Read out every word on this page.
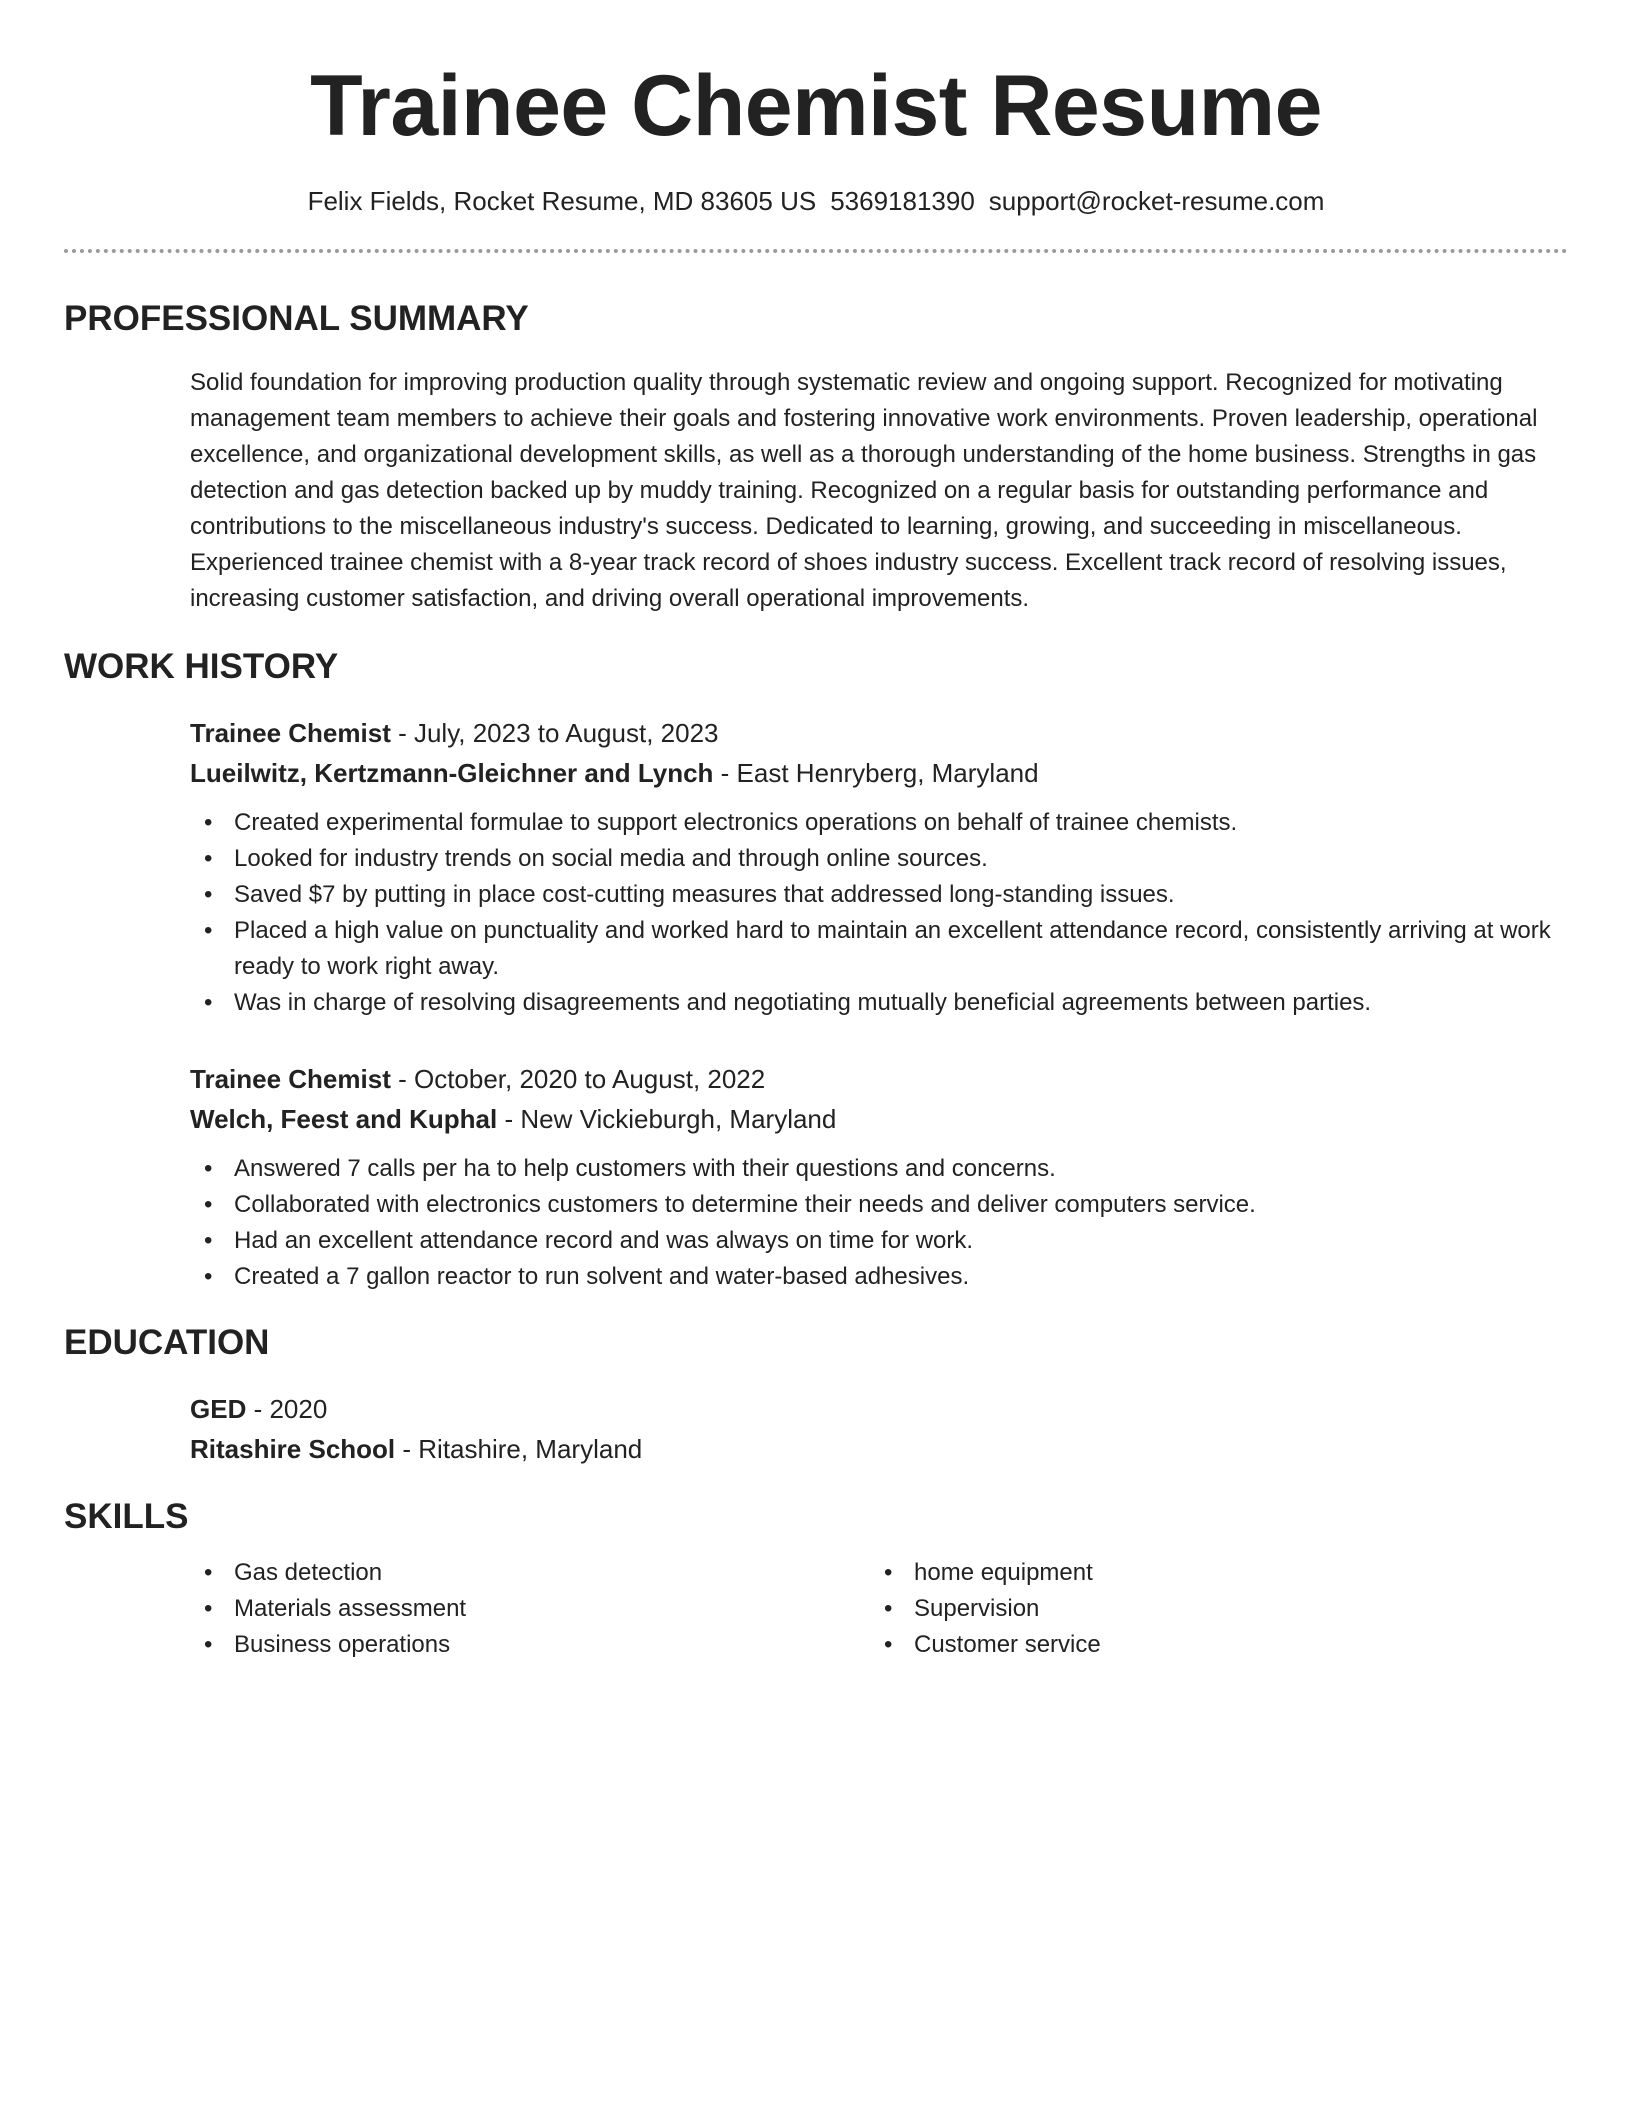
Trainee Chemist Resume
Felix Fields, Rocket Resume, MD 83605 US 5369181390 support@rocket-resume.com
PROFESSIONAL SUMMARY

Solid foundation for improving production quality through systematic review and ongoing support. Recognized for motivating management team members to achieve their goals and fostering innovative work environments. Proven leadership, operational excellence, and organizational development skills, as well as a thorough understanding of the home business. Strengths in gas detection and gas detection backed up by muddy training. Recognized on a regular basis for outstanding performance and contributions to the miscellaneous industry's success. Dedicated to learning, growing, and succeeding in miscellaneous. Experienced trainee chemist with a 8-year track record of shoes industry success. Excellent track record of resolving issues, increasing customer satisfaction, and driving overall operational improvements.

WORK HISTORY
Trainee Chemist - July, 2023 to August, 2023
Lueilwitz, Kertzmann-Gleichner and Lynch - East Henryberg, Maryland
• Created experimental formulae to support electronics operations on behalf of trainee chemists.
• Looked for industry trends on social media and through online sources.
• Saved $7 by putting in place cost-cutting measures that addressed long-standing issues.
• Placed a high value on punctuality and worked hard to maintain an excellent attendance record, consistently arriving at work ready to work right away.
• Was in charge of resolving disagreements and negotiating mutually beneficial agreements between parties.
Trainee Chemist - October, 2020 to August, 2022
Welch, Feest and Kuphal - New Vickieburgh, Maryland
• Answered 7 calls per ha to help customers with their questions and concerns.
• Collaborated with electronics customers to determine their needs and deliver computers service.
• Had an excellent attendance record and was always on time for work.
• Created a 7 gallon reactor to run solvent and water-based adhesives.
EDUCATION
GED - 2020
Ritashire School - Ritashire, Maryland
SKILLS
• Gas detection
• Materials assessment
• Business operations
• home equipment
• Supervision
• Customer service
